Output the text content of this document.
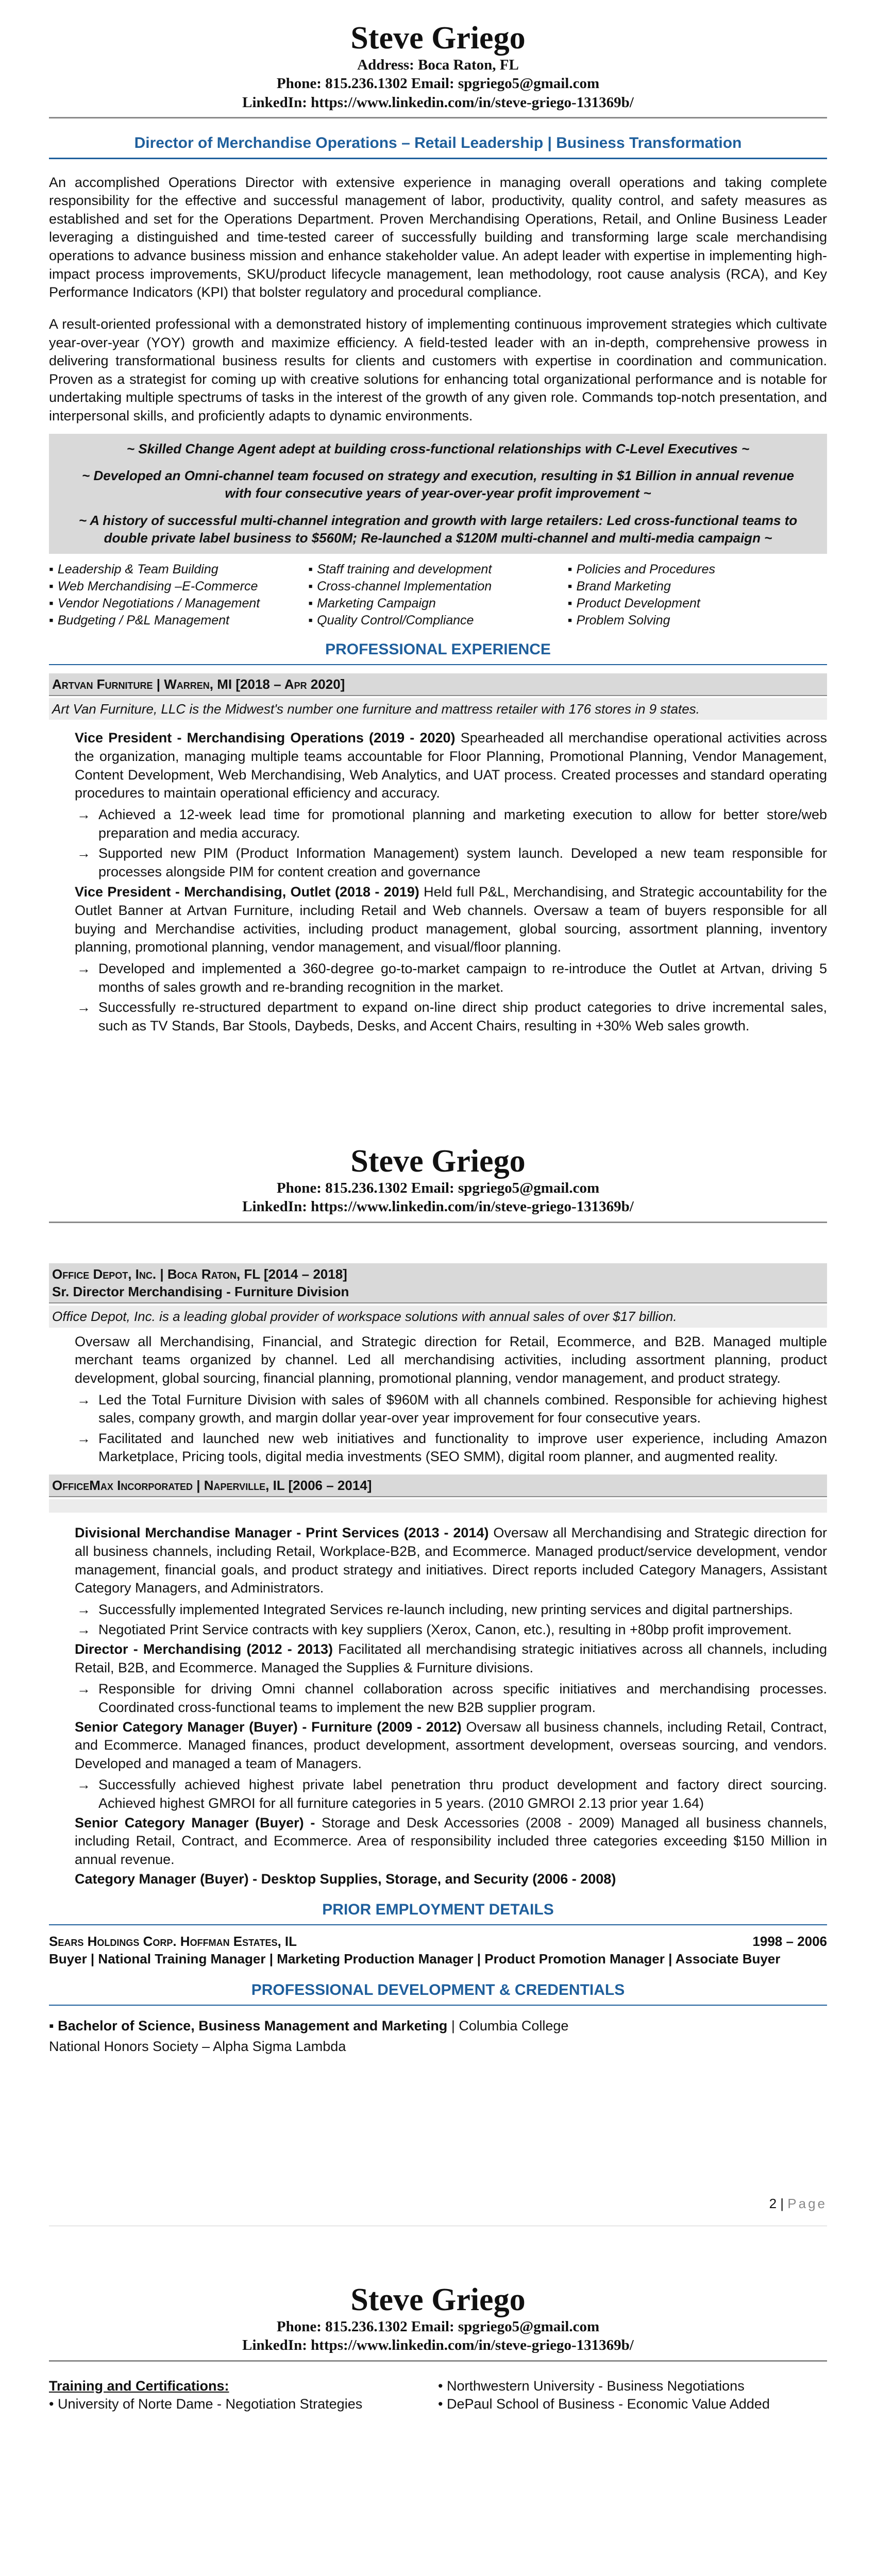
Steve Griego
Address: Boca Raton, FL
Phone: 815.236.1302 Email: spgriego5@gmail.com
LinkedIn: https://www.linkedin.com/in/steve-griego-131369b/
Director of Merchandise Operations – Retail Leadership | Business Transformation

An accomplished Operations Director with extensive experience in managing overall operations and taking complete responsibility for the effective and successful management of labor, productivity, quality control, and safety measures as established and set for the Operations Department. Proven Merchandising Operations, Retail, and Online Business Leader leveraging a distinguished and time-tested career of successfully building and transforming large scale merchandising operations to advance business mission and enhance stakeholder value. An adept leader with expertise in implementing high-impact process improvements, SKU/product lifecycle management, lean methodology, root cause analysis (RCA), and Key Performance Indicators (KPI) that bolster regulatory and procedural compliance.

A result-oriented professional with a demonstrated history of implementing continuous improvement strategies which cultivate year-over-year (YOY) growth and maximize efficiency. A field-tested leader with an in-depth, comprehensive prowess in delivering transformational business results for clients and customers with expertise in coordination and communication. Proven as a strategist for coming up with creative solutions for enhancing total organizational performance and is notable for undertaking multiple spectrums of tasks in the interest of the growth of any given role. Commands top-notch presentation, and interpersonal skills, and proficiently adapts to dynamic environments.

~ Skilled Change Agent adept at building cross-functional relationships with C-Level Executives ~
~ Developed an Omni-channel team focused on strategy and execution, resulting in $1 Billion in annual revenue with four consecutive years of year-over-year profit improvement ~
~ A history of successful multi-channel integration and growth with large retailers: Led cross-functional teams to double private label business to $560M; Re-launched a $120M multi-channel and multi-media campaign ~
▪ Leadership & Team Building
▪ Web Merchandising –E-Commerce
▪ Vendor Negotiations / Management
▪ Budgeting / P&L Management
▪ Staff training and development
▪ Cross-channel Implementation
▪ Marketing Campaign
▪ Quality Control/Compliance
▪ Policies and Procedures
▪ Brand Marketing
▪ Product Development
▪ Problem Solving
PROFESSIONAL EXPERIENCE
Artvan Furniture | Warren, MI [2018 – Apr 2020]
Art Van Furniture, LLC is the Midwest's number one furniture and mattress retailer with 176 stores in 9 states.
Vice President - Merchandising Operations (2019 - 2020) Spearheaded all merchandise operational activities across the organization, managing multiple teams accountable for Floor Planning, Promotional Planning, Vendor Management, Content Development, Web Merchandising, Web Analytics, and UAT process. Created processes and standard operating procedures to maintain operational efficiency and accuracy.
→ Achieved a 12-week lead time for promotional planning and marketing execution to allow for better store/web preparation and media accuracy.
→ Supported new PIM (Product Information Management) system launch. Developed a new team responsible for processes alongside PIM for content creation and governance
Vice President - Merchandising, Outlet (2018 - 2019) Held full P&L, Merchandising, and Strategic accountability for the Outlet Banner at Artvan Furniture, including Retail and Web channels. Oversaw a team of buyers responsible for all buying and Merchandise activities, including product management, global sourcing, assortment planning, inventory planning, promotional planning, vendor management, and visual/floor planning.
→ Developed and implemented a 360-degree go-to-market campaign to re-introduce the Outlet at Artvan, driving 5 months of sales growth and re-branding recognition in the market.
→ Successfully re-structured department to expand on-line direct ship product categories to drive incremental sales, such as TV Stands, Bar Stools, Daybeds, Desks, and Accent Chairs, resulting in +30% Web sales growth.
Steve Griego
Phone: 815.236.1302 Email: spgriego5@gmail.com
LinkedIn: https://www.linkedin.com/in/steve-griego-131369b/
Office Depot, Inc. | Boca Raton, FL [2014 – 2018]
Sr. Director Merchandising - Furniture Division
Office Depot, Inc. is a leading global provider of workspace solutions with annual sales of over $17 billion.

Oversaw all Merchandising, Financial, and Strategic direction for Retail, Ecommerce, and B2B. Managed multiple merchant teams organized by channel. Led all merchandising activities, including assortment planning, product development, global sourcing, financial planning, promotional planning, vendor management, and product strategy.

→ Led the Total Furniture Division with sales of $960M with all channels combined. Responsible for achieving highest sales, company growth, and margin dollar year-over year improvement for four consecutive years.
→ Facilitated and launched new web initiatives and functionality to improve user experience, including Amazon Marketplace, Pricing tools, digital media investments (SEO SMM), digital room planner, and augmented reality.
OfficeMax Incorporated | Naperville, IL [2006 – 2014]
Divisional Merchandise Manager - Print Services (2013 - 2014) Oversaw all Merchandising and Strategic direction for all business channels, including Retail, Workplace-B2B, and Ecommerce. Managed product/service development, vendor management, financial goals, and product strategy and initiatives. Direct reports included Category Managers, Assistant Category Managers, and Administrators.
→ Successfully implemented Integrated Services re-launch including, new printing services and digital partnerships.
→ Negotiated Print Service contracts with key suppliers (Xerox, Canon, etc.), resulting in +80bp profit improvement.
Director - Merchandising (2012 - 2013) Facilitated all merchandising strategic initiatives across all channels, including Retail, B2B, and Ecommerce. Managed the Supplies & Furniture divisions.
→ Responsible for driving Omni channel collaboration across specific initiatives and merchandising processes. Coordinated cross-functional teams to implement the new B2B supplier program.
Senior Category Manager (Buyer) - Furniture (2009 - 2012) Oversaw all business channels, including Retail, Contract, and Ecommerce. Managed finances, product development, assortment development, overseas sourcing, and vendors. Developed and managed a team of Managers.
→ Successfully achieved highest private label penetration thru product development and factory direct sourcing. Achieved highest GMROI for all furniture categories in 5 years. (2010 GMROI 2.13 prior year 1.64)
Senior Category Manager (Buyer) - Storage and Desk Accessories (2008 - 2009) Managed all business channels, including Retail, Contract, and Ecommerce. Area of responsibility included three categories exceeding $150 Million in annual revenue.
Category Manager (Buyer) - Desktop Supplies, Storage, and Security (2006 - 2008)
PRIOR EMPLOYMENT DETAILS
Sears Holdings Corp. Hoffman Estates, IL	1998 – 2006
Buyer | National Training Manager | Marketing Production Manager | Product Promotion Manager | Associate Buyer
PROFESSIONAL DEVELOPMENT & CREDENTIALS
▪ Bachelor of Science, Business Management and Marketing | Columbia College
National Honors Society – Alpha Sigma Lambda
2 | Page
Steve Griego
Phone: 815.236.1302 Email: spgriego5@gmail.com
LinkedIn: https://www.linkedin.com/in/steve-griego-131369b/
Training and Certifications:
• University of Norte Dame - Negotiation Strategies
• Northwestern University - Business Negotiations
• DePaul School of Business - Economic Value Added
